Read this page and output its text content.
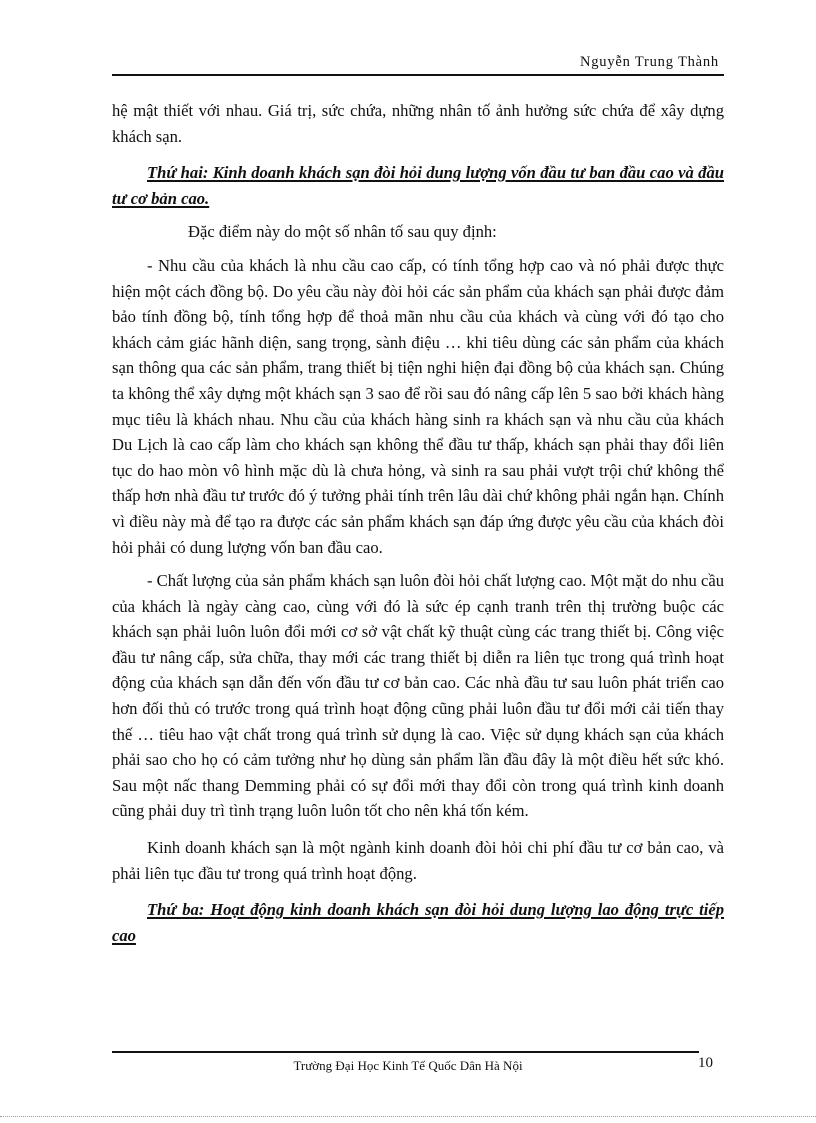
Nguyễn Trung Thành

hệ mật thiết với nhau. Giá trị, sức chứa, những nhân tố ảnh hưởng sức chứa để xây dựng khách sạn.

Thứ hai: Kinh doanh khách sạn đòi hỏi dung lượng vốn đầu tư ban đầu cao và đầu tư cơ bản cao.

Đặc điểm này do một số nhân tố sau quy định:

- Nhu cầu của khách là nhu cầu cao cấp, có tính tổng hợp cao và nó phải được thực hiện một cách đồng bộ. Do yêu cầu này đòi hỏi các sản phẩm của khách sạn phải được đảm bảo tính đồng bộ, tính tổng hợp để thoả mãn nhu cầu của khách và cùng với đó tạo cho khách cảm giác hãnh diện, sang trọng, sành điệu … khi tiêu dùng các sản phẩm của khách sạn thông qua các sản phẩm, trang thiết bị tiện nghi hiện đại đồng bộ của khách sạn. Chúng ta không thể xây dựng một khách sạn 3 sao để rồi sau đó nâng cấp lên 5 sao bởi khách hàng mục tiêu là khách nhau. Nhu cầu của khách hàng sinh ra khách sạn và nhu cầu của khách Du Lịch là cao cấp làm cho khách sạn không thể đầu tư thấp, khách sạn phải thay đổi liên tục do hao mòn vô hình mặc dù là chưa hỏng, và sinh ra sau phải vượt trội chứ không thể thấp hơn nhà đầu tư trước đó ý tưởng phải tính trên lâu dài chứ không phải ngắn hạn. Chính vì điều này mà để tạo ra được các sản phẩm khách sạn đáp ứng được yêu cầu của khách đòi hỏi phải có dung lượng vốn ban đầu cao.

- Chất lượng của sản phẩm khách sạn luôn đòi hỏi chất lượng cao. Một mặt do nhu cầu của khách là ngày càng cao, cùng với đó là sức ép cạnh tranh trên thị trường buộc các khách sạn phải luôn luôn đổi mới cơ sở vật chất kỹ thuật cùng các trang thiết bị. Công việc đầu tư nâng cấp, sửa chữa, thay mới các trang thiết bị diễn ra liên tục trong quá trình hoạt động của khách sạn dẫn đến vốn đầu tư cơ bản cao. Các nhà đầu tư sau luôn phát triển cao hơn đối thủ có trước trong quá trình hoạt động cũng phải luôn đầu tư đổi mới cải tiến thay thế … tiêu hao vật chất trong quá trình sử dụng là cao. Việc sử dụng khách sạn của khách phải sao cho họ có cảm tưởng như họ dùng sản phẩm lần đầu đây là một điều hết sức khó. Sau một nấc thang Demming phải có sự đổi mới thay đổi còn trong quá trình kinh doanh cũng phải duy trì tình trạng luôn luôn tốt cho nên khá tốn kém.

Kinh doanh khách sạn là một ngành kinh doanh đòi hỏi chi phí đầu tư cơ bản cao, và phải liên tục đầu tư trong quá trình hoạt động.

Thứ ba: Hoạt động kinh doanh khách sạn đòi hỏi dung lượng lao động trực tiếp cao

Trường Đại Học Kinh Tế Quốc Dân Hà Nội	10
